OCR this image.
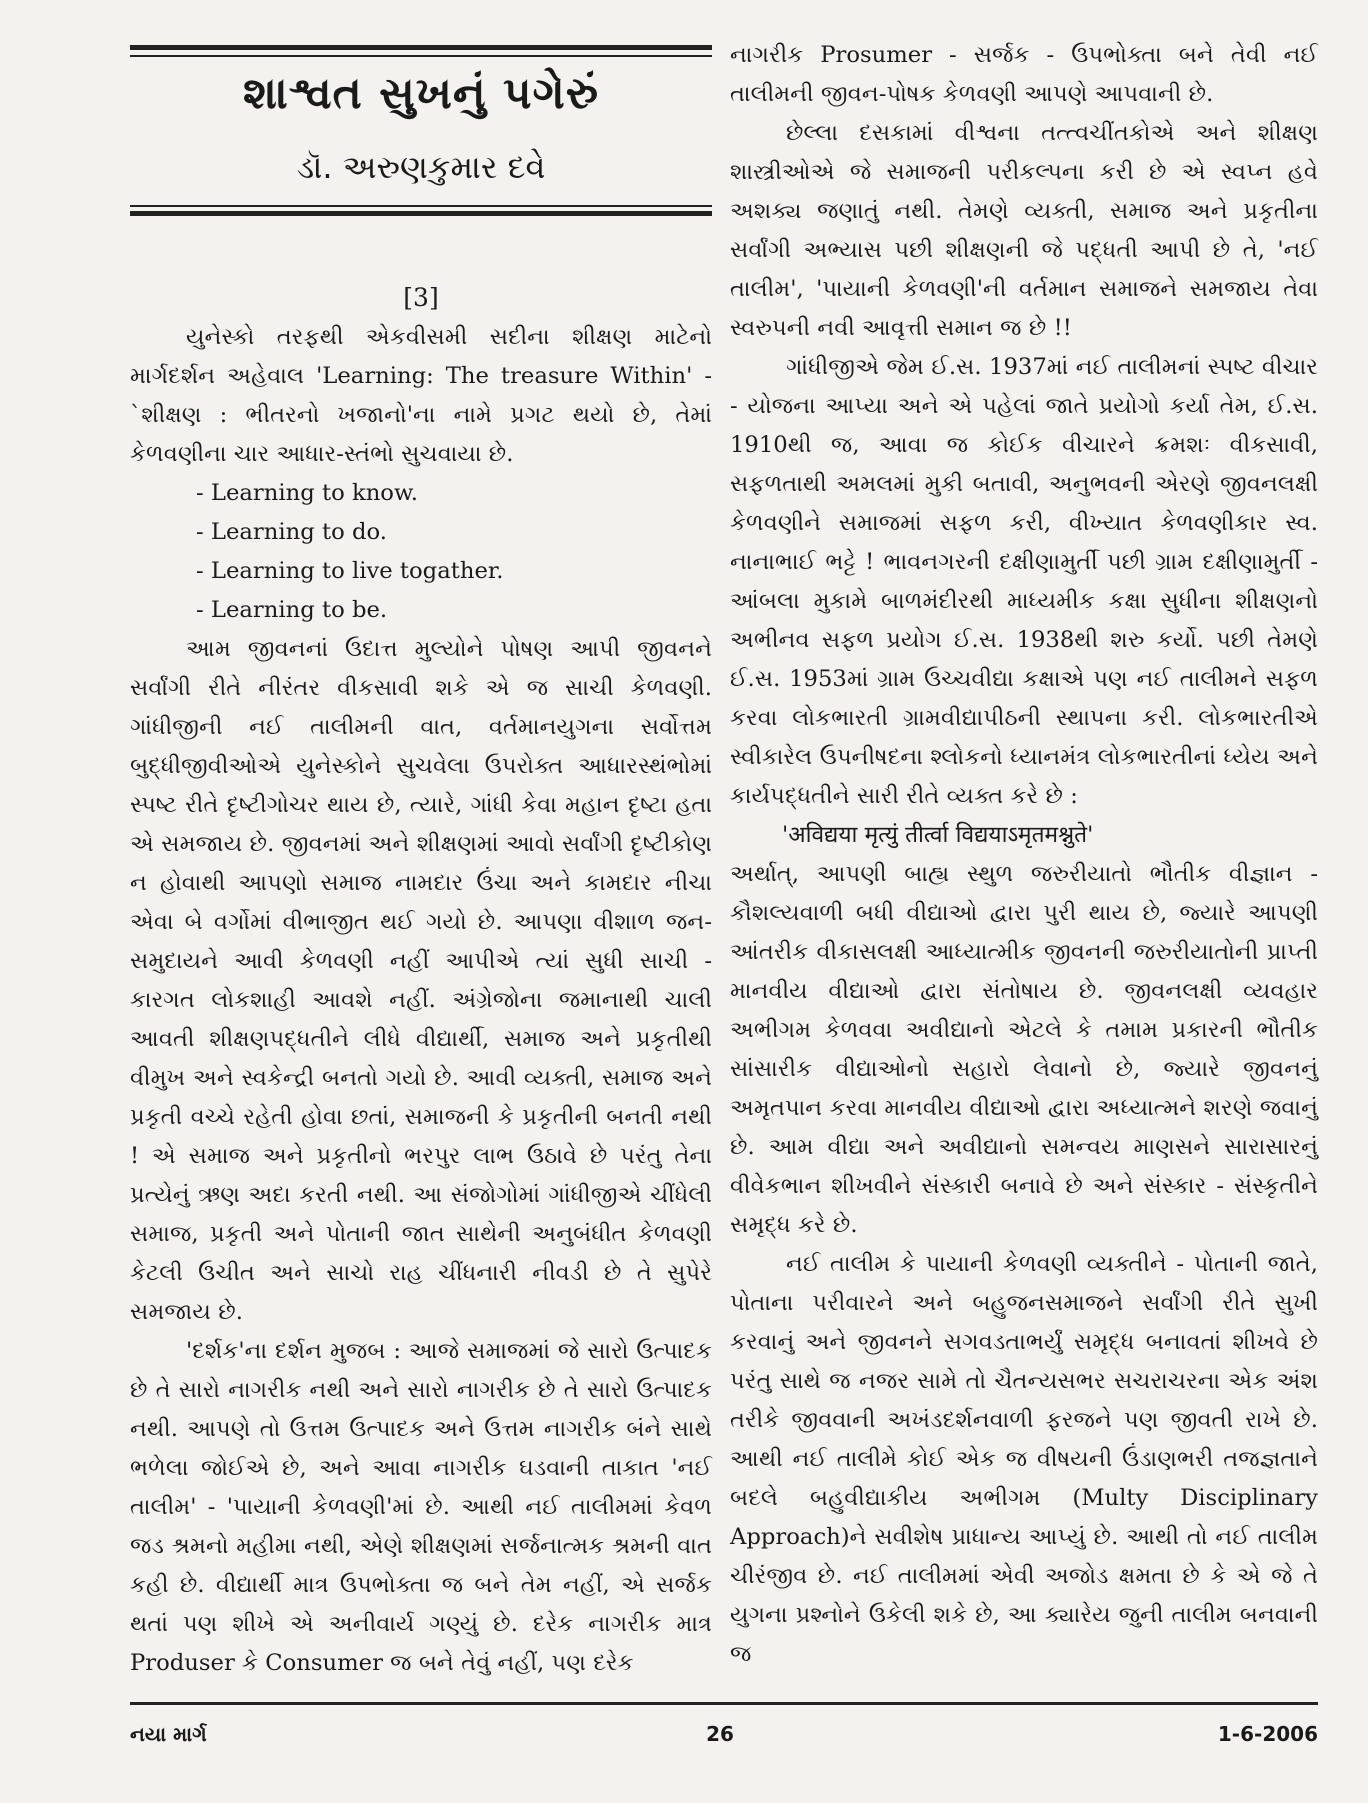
શાશ્વત સુખનું પગેરું
ડૉ. અરુણકુમાર દવે
[3]

યુનેસ્કો તરફથી એકવીસમી સદીના શીક્ષણ માટેનો માર્ગદર્શન અહેવાલ 'Learning: The treasure Within' - `શીક્ષણ : ભીતરનો ખજાનો'ના નામે પ્રગટ થયો છે, તેમાં કેળવણીના ચાર આધાર-સ્તંભો સુચવાયા છે.

- Learning to know.
- Learning to do.
- Learning to live togather.
- Learning to be.

આમ જીવનનાં ઉદાત્ત મુલ્યોને પોષણ આપી જીવનને સર્વાંગી રીતે નીરંતર વીકસાવી શકે એ જ સાચી કેળવણી. ગાંધીજીની નઈ તાલીમની વાત, વર્તમાનયુગના સર્વોત્તમ બુદ્ધીજીવીઓએ યુનેસ્કોને સુચવેલા ઉપરોક્ત આધારસ્થંભોમાં સ્પષ્ટ રીતે દૃષ્ટીગોચર થાય છે, ત્યારે, ગાંધી કેવા મહાન દૃષ્ટા હતા એ સમજાય છે. જીવનમાં અને શીક્ષણમાં આવો સર્વાંગી દૃષ્ટીકોણ ન હોવાથી આપણો સમાજ નામદાર ઉંચા અને કામદાર નીચા એવા બે વર્ગોમાં વીભાજીત થઈ ગયો છે. આપણા વીશાળ જન-સમુદાયને આવી કેળવણી નહીં આપીએ ત્યાં સુધી સાચી - કારગત લોકશાહી આવશે નહીં. અંગ્રેજોના જમાનાથી ચાલી આવતી શીક્ષણપદ્ધતીને લીધે વીદ્યાર્થી, સમાજ અને પ્રકૃતીથી વીમુખ અને સ્વકેન્દ્રી બનતો ગયો છે. આવી વ્યક્તી, સમાજ અને પ્રકૃતી વચ્ચે રહેતી હોવા છતાં, સમાજની કે પ્રકૃતીની બનતી નથી ! એ સમાજ અને પ્રકૃતીનો ભરપુર લાભ ઉઠાવે છે પરંતુ તેના પ્રત્યેનું ઋણ અદા કરતી નથી. આ સંજોગોમાં ગાંધીજીએ ચીંધેલી સમાજ, પ્રકૃતી અને પોતાની જાત સાથેની અનુબંધીત કેળવણી કેટલી ઉચીત અને સાચો રાહ ચીંધનારી નીવડી છે તે સુપેરે સમજાય છે.

'દર્શક'ના દર્શન મુજબ : આજે સમાજમાં જે સારો ઉત્પાદક છે તે સારો નાગરીક નથી અને સારો નાગરીક છે તે સારો ઉત્પાદક નથી. આપણે તો ઉત્તમ ઉત્પાદક અને ઉત્તમ નાગરીક બંને સાથે ભળેલા જોઈએ છે, અને આવા નાગરીક ઘડવાની તાકાત 'નઈ તાલીમ' - 'પાયાની કેળવણી'માં છે. આથી નઈ તાલીમમાં કેવળ જડ શ્રમનો મહીમા નથી, એણે શીક્ષણમાં સર્જનાત્મક શ્રમની વાત કહી છે. વીદ્યાર્થી માત્ર ઉપભોક્તા જ બને તેમ નહીં, એ સર્જક થતાં પણ શીખે એ અનીવાર્ય ગણ્યું છે. દરેક નાગરીક માત્ર Produser કે Consumer જ બને તેવું નહીં, પણ દરેક

નાગરીક Prosumer - સર્જક - ઉપભોક્તા બને તેવી નઈ તાલીમની જીવન-પોષક કેળવણી આપણે આપવાની છે.

છેલ્લા દસકામાં વીશ્વના તત્ત્વચીંતકોએ અને શીક્ષણ શાસ્ત્રીઓએ જે સમાજની પરીકલ્પના કરી છે એ સ્વપ્ન હવે અશક્ય જણાતું નથી. તેમણે વ્યક્તી, સમાજ અને પ્રકૃતીના સર્વાંગી અભ્યાસ પછી શીક્ષણની જે પદ્ધતી આપી છે તે, 'નઈ તાલીમ', 'પાયાની કેળવણી'ની વર્તમાન સમાજને સમજાય તેવા સ્વરુપની નવી આવૃત્તી સમાન જ છે !!

ગાંધીજીએ જેમ ઈ.સ. 1937માં નઈ તાલીમનાં સ્પષ્ટ વીચાર - યોજના આપ્યા અને એ પહેલાં જાતે પ્રયોગો કર્યા તેમ, ઈ.સ. 1910થી જ, આવા જ કોઈક વીચારને ક્રમશઃ વીકસાવી, સફળતાથી અમલમાં મુકી બતાવી, અનુભવની એરણે જીવનલક્ષી કેળવણીને સમાજમાં સફળ કરી, વીખ્યાત કેળવણીકાર સ્વ. નાનાભાઈ ભટ્ટે ! ભાવનગરની દક્ષીણામુર્તી પછી ગ્રામ દક્ષીણામુર્તી - આંબલા મુકામે બાળમંદીરથી માધ્યમીક કક્ષા સુધીના શીક્ષણનો અભીનવ સફળ પ્રયોગ ઈ.સ. 1938થી શરુ કર્યો. પછી તેમણે ઈ.સ. 1953માં ગ્રામ ઉચ્ચવીદ્યા કક્ષાએ પણ નઈ તાલીમને સફળ કરવા લોકભારતી ગ્રામવીદ્યાપીઠની સ્થાપના કરી. લોકભારતીએ સ્વીકારેલ ઉપનીષદના શ્લોકનો ધ્યાનમંત્ર લોકભારતીનાં ધ્યેય અને કાર્યપદ્ધતીને સારી રીતે વ્યક્ત કરે છે :

'अविद्यया मृत्युं तीर्त्वा विद्ययाऽमृतमश्नुते'

અર્થાત્, આપણી બાહ્ય સ્થુળ જરુરીયાતો ભૌતીક વીજ્ઞાન - કૌશલ્યવાળી બધી વીદ્યાઓ દ્વારા પુરી થાય છે, જ્યારે આપણી આંતરીક વીકાસલક્ષી આધ્યાત્મીક જીવનની જરુરીયાતોની પ્રાપ્તી માનવીય વીદ્યાઓ દ્વારા સંતોષાય છે. જીવનલક્ષી વ્યવહાર અભીગમ કેળવવા અવીદ્યાનો એટલે કે તમામ પ્રકારની ભૌતીક સાંસારીક વીદ્યાઓનો સહારો લેવાનો છે, જ્યારે જીવનનું અમૃતપાન કરવા માનવીય વીદ્યાઓ દ્વારા અધ્યાત્મને શરણે જવાનું છે. આમ વીદ્યા અને અવીદ્યાનો સમન્વય માણસને સારાસારનું વીવેકભાન શીખવીને સંસ્કારી બનાવે છે અને સંસ્કાર - સંસ્કૃતીને સમૃદ્ધ કરે છે.

નઈ તાલીમ કે પાયાની કેળવણી વ્યક્તીને - પોતાની જાતે, પોતાના પરીવારને અને બહુજનસમાજને સર્વાંગી રીતે સુખી કરવાનું અને જીવનને સગવડતાભર્યું સમૃદ્ધ બનાવતાં શીખવે છે પરંતુ સાથે જ નજર સામે તો ચૈતન્યસભર સચરાચરના એક અંશ તરીકે જીવવાની અખંડદર્શનવાળી ફરજને પણ જીવતી રાખે છે. આથી નઈ તાલીમે કોઈ એક જ વીષયની ઉંડાણભરી તજજ્ઞતાને બદલે બહુવીદ્યાકીય અભીગમ (Multy Disciplinary Approach)ને સવીશેષ પ્રાધાન્ય આપ્યું છે. આથી તો નઈ તાલીમ ચીરંજીવ છે. નઈ તાલીમમાં એવી અજોડ ક્ષમતા છે કે એ જે તે યુગના પ્રશ્નોને ઉકેલી શકે છે, આ ક્યારેય જુની તાલીમ બનવાની જ

નયા માર્ગ	26	1-6-2006
